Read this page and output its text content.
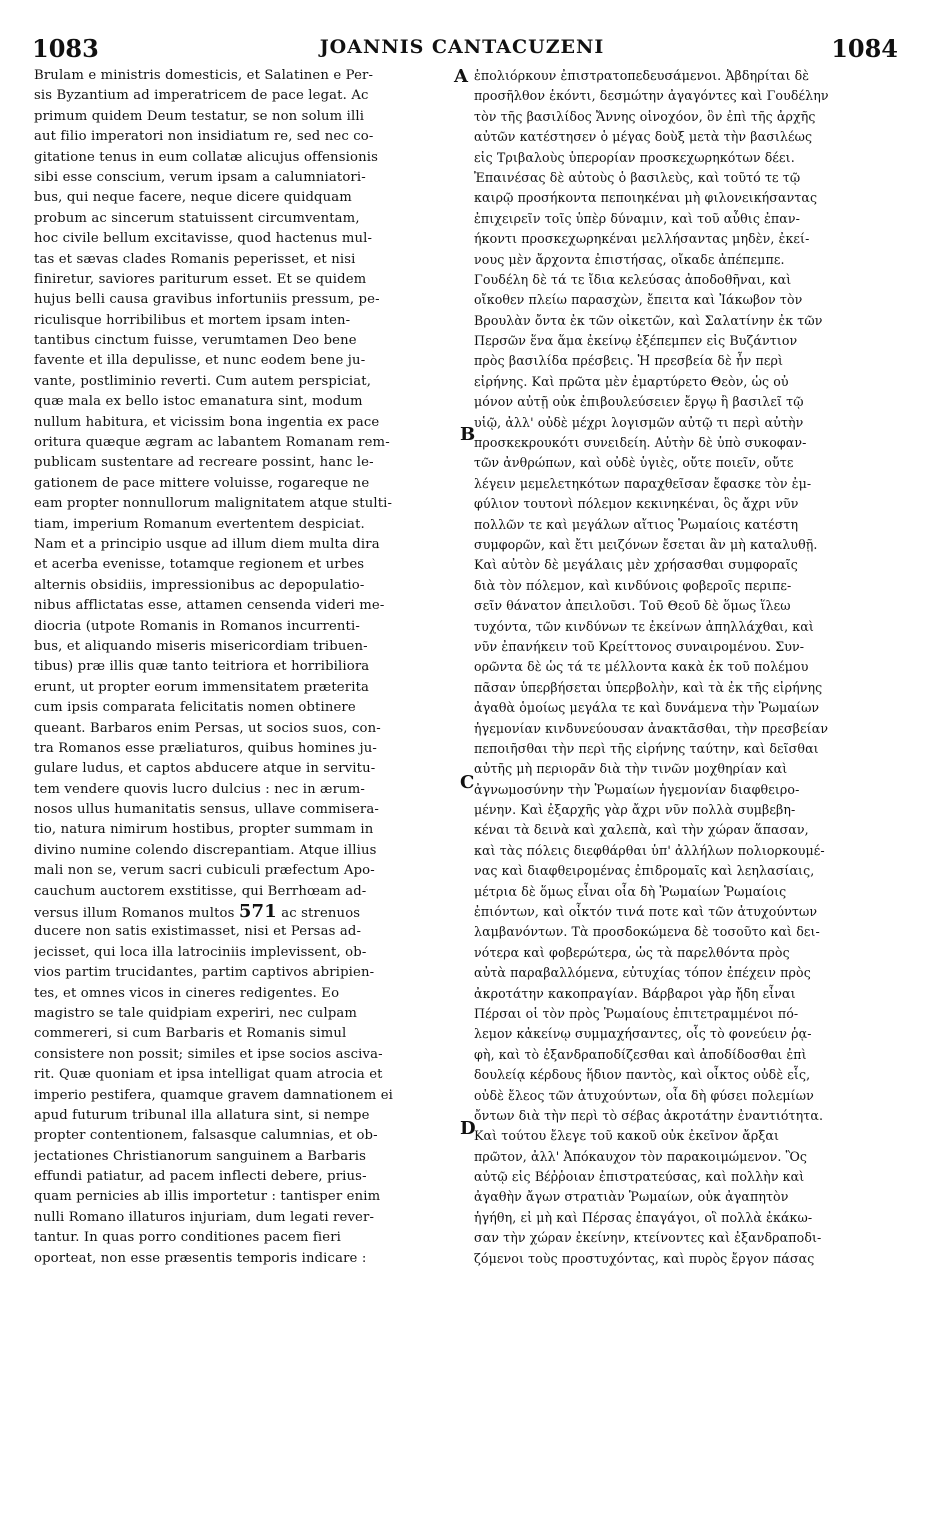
1083	JOANNIS CANTACUZENI	1084
Brulam e ministris domesticis, et Salatinen e Per-
sis Byzantium ad imperatricem de pace legat. Ac
primum quidem Deum testatur, se non solum illi
aut filio imperatori non insidiatum re, sed nec co-
gitatione tenus in eum collatæ alicujus offensionis
sibi esse conscium, verum ipsam a calumniatori-
bus, qui neque facere, neque dicere quidquam
probum ac sincerum statuissent circumventam,
hoc civile bellum excitavisse, quod hactenus mul-
tas et sævas clades Romanis peperisset, et nisi
finiretur, saviores pariturum esset. Et se quidem
hujus belli causa gravibus infortuniis pressum, pe-
riculisque horribilibus et mortem ipsam inten-
tantibus cinctum fuisse, verumtamen Deo bene
favente et illa depulisse, et nunc eodem bene ju-
vante, postliminio reverti. Cum autem perspiciat,
quæ mala ex bello istoc emanatura sint, modum
nullum habitura, et vicissim bona ingentia ex pace
oritura quæque ægram ac labantem Romanam rem-
publicam sustentare ad recreare possint, hanc le-
gationem de pace mittere voluisse, rogareque ne
eam propter nonnullorum malignitatem atque stulti-
tiam, imperium Romanum evertentem despiciat.
Nam et a principio usque ad illum diem multa dira
et acerba evenisse, totamque regionem et urbes
alternis obsidiis, impressionibus ac depopulatio-
nibus afflictatas esse, attamen censenda videri me-
diocria (utpote Romanis in Romanos incurrenti-
bus, et aliquando miseris misericordiam tribuen-
tibus) præ illis quæ tanto teitriora et horribiliora
erunt, ut propter eorum immensitatem præterita
cum ipsis comparata felicitatis nomen obtinere
queant. Barbaros enim Persas, ut socios suos, con-
tra Romanos esse præliaturos, quibus homines ju-
gulare ludus, et captos abducere atque in servitu-
tem vendere quovis lucro dulcius : nec in ærum-
nosos ullus humanitatis sensus, ullave commisera-
tio, natura nimirum hostibus, propter summam in
divino numine colendo discrepantiam. Atque illius
mali non se, verum sacri cubiculi præfectum Apo-
cauchum auctorem exstitisse, qui Berrhœam ad-
versus illum Romanos multos 571 ac strenuos
ducere non satis existimasset, nisi et Persas ad-
jecisset, qui loca illa latrociniis implevissent, ob-
vios partim trucidantes, partim captivos abripien-
tes, et omnes vicos in cineres redigentes. Eo
magistro se tale quidpiam experiri, nec culpam
commereri, si cum Barbaris et Romanis simul
consistere non possit; similes et ipse socios asciva-
rit. Quæ quoniam et ipsa intelligat quam atrocia et
imperio pestifera, quamque gravem damnationem ei
apud futurum tribunal illa allatura sint, si nempe
propter contentionem, falsasque calumnias, et ob-
jectationes Christianorum sanguinem a Barbaris
effundi patiatur, ad pacem inflecti debere, prius-
quam pernicies ab illis importetur : tantisper enim
nulli Romano illaturos injuriam, dum legati rever-
tantur. In quas porro conditiones pacem fieri
oporteat, non esse præsentis temporis indicare :
ἐπολιόρκουν ἐπιστρατοπεδευσάμενοι. Ἀβδηρίται δὲ
προσῆλθον ἑκόντι, δεσμώτην ἀγαγόντες καὶ Γουδέλην
τὸν τῆς βασιλίδος Ἄννης οἰνοχόον, ὃν ἐπὶ τῆς ἀρχῆς
αὐτῶν κατέστησεν ὁ μέγας δοὺξ μετὰ τὴν βασιλέως
εἰς Τριβαλοὺς ὑπερορίαν προσκεχωρηκότων δέει.
Ἐπαινέσας δὲ αὐτοὺς ὁ βασιλεὺς, καὶ τοῦτό τε τῷ
καιρῷ προσήκοντα πεποιηκέναι μὴ φιλονεικήσαντας
ἐπιχειρεῖν τοῖς ὑπὲρ δύναμιν, καὶ τοῦ αὖθις ἐπαν-
ήκοντι προσκεχωρηκέναι μελλήσαντας μηδὲν, ἐκεί-
νους μὲν ἄρχοντα ἐπιστήσας, οἴκαδε ἀπέπεμπε.
Γουδέλη δὲ τά τε ἴδια κελεύσας ἀποδοθῆναι, καὶ
οἴκοθεν πλείω παρασχὼν, ἔπειτα καὶ Ἰάκωβον τὸν
Βρουλὰν ὄντα ἐκ τῶν οἰκετῶν, καὶ Σαλατίνην ἐκ τῶν
Περσῶν ἕνα ἅμα ἐκείνῳ ἐξέπεμπεν εἰς Βυζάντιον
πρὸς βασιλίδα πρέσβεις. Ἡ πρεσβεία δὲ ἦν περὶ
εἰρήνης. Καὶ πρῶτα μὲν ἐμαρτύρετο Θεὸν, ὡς οὐ
μόνον αὐτῇ οὐκ ἐπιβουλεύσειεν ἔργῳ ἢ βασιλεῖ τῷ
υἱῷ, ἀλλ' οὐδὲ μέχρι λογισμῶν αὐτῷ τι περὶ αὐτὴν
προσκεκρουκότι συνειδείη. Αὐτὴν δὲ ὑπὸ συκοφαν-
τῶν ἀνθρώπων, καὶ οὐδὲ ὑγιὲς, οὔτε ποιεῖν, οὔτε
λέγειν μεμελετηκότων παραχθεῖσαν ἔφασκε τὸν ἐμ-
φύλιον τουτονὶ πόλεμον κεκινηκέναι, ὃς ἄχρι νῦν
πολλῶν τε καὶ μεγάλων αἴτιος Ῥωμαίοις κατέστη
συμφορῶν, καὶ ἔτι μειζόνων ἔσεται ἂν μὴ καταλυθῇ.
Καὶ αὐτὸν δὲ μεγάλαις μὲν χρήσασθαι συμφοραῖς
διὰ τὸν πόλεμον, καὶ κινδύνοις φοβεροῖς περιπε-
σεῖν θάνατον ἀπειλοῦσι. Τοῦ Θεοῦ δὲ ὅμως ἵλεω
τυχόντα, τῶν κινδύνων τε ἐκείνων ἀπηλλάχθαι, καὶ
νῦν ἐπανήκειν τοῦ Κρείττονος συναιρομένου. Συν-
ορῶντα δὲ ὡς τά τε μέλλοντα κακὰ ἐκ τοῦ πολέμου
πᾶσαν ὑπερβήσεται ὑπερβολὴν, καὶ τὰ ἐκ τῆς εἰρήνης
ἀγαθὰ ὁμοίως μεγάλα τε καὶ δυνάμενα τὴν Ῥωμαίων
ἡγεμονίαν κινδυνεύουσαν ἀνακτᾶσθαι, τὴν πρεσβείαν
πεποιῆσθαι τὴν περὶ τῆς εἰρήνης ταύτην, καὶ δεῖσθαι
αὐτῆς μὴ περιορᾶν διὰ τὴν τινῶν μοχθηρίαν καὶ
ἀγνωμοσύνην τὴν Ῥωμαίων ἡγεμονίαν διαφθειρο-
μένην. Καὶ ἐξαρχῆς γὰρ ἄχρι νῦν πολλὰ συμβεβη-
κέναι τὰ δεινὰ καὶ χαλεπὰ, καὶ τὴν χώραν ἅπασαν,
καὶ τὰς πόλεις διεφθάρθαι ὑπ' ἀλλήλων πολιορκουμέ-
νας καὶ διαφθειρομένας ἐπιδρομαῖς καὶ λεηλασίαις,
μέτρια δὲ ὅμως εἶναι οἷα δὴ Ῥωμαίων Ῥωμαίοις
ἐπιόντων, καὶ οἶκτόν τινά ποτε καὶ τῶν ἀτυχούντων
λαμβανόντων. Τὰ προσδοκώμενα δὲ τοσοῦτο καὶ δει-
νότερα καὶ φοβερώτερα, ὡς τὰ παρελθόντα πρὸς
αὐτὰ παραβαλλόμενα, εὐτυχίας τόπον ἐπέχειν πρὸς
ἀκροτάτην κακοπραγίαν. Βάρβαροι γὰρ ἤδη εἶναι
Πέρσαι οἱ τὸν πρὸς Ῥωμαίους ἐπιτετραμμένοι πό-
λεμον κἀκείνῳ συμμαχήσαντες, οἷς τὸ φονεύειν ῥᾳ-
φὴ, καὶ τὸ ἐξανδραποδίζεσθαι καὶ ἀποδίδοσθαι ἐπὶ
δουλείᾳ κέρδους ἥδιον παντὸς, καὶ οἶκτος οὐδὲ εἷς,
οὐδὲ ἔλεος τῶν ἀτυχούντων, οἷα δὴ φύσει πολεμίων
ὄντων διὰ τὴν περὶ τὸ σέβας ἀκροτάτην ἐναντιότητα.
Καὶ τούτου ἔλεγε τοῦ κακοῦ οὐκ ἐκεῖνον ἄρξαι
πρῶτον, ἀλλ' Ἀπόκαυχον τὸν παρακοιμώμενον. Ὃς
αὐτῷ εἰς Βέῤῥοιαν ἐπιστρατεύσας, καὶ πολλὴν καὶ
ἀγαθὴν ἄγων στρατιὰν Ῥωμαίων, οὐκ ἀγαπητὸν
ἡγήθη, εἰ μὴ καὶ Πέρσας ἐπαγάγοι, οἳ πολλὰ ἐκάκω-
σαν τὴν χώραν ἐκείνην, κτείνοντες καὶ ἐξανδραποδι-
ζόμενοι τοὺς προστυχόντας, καὶ πυρὸς ἔργον πάσας
A
B
C
D
